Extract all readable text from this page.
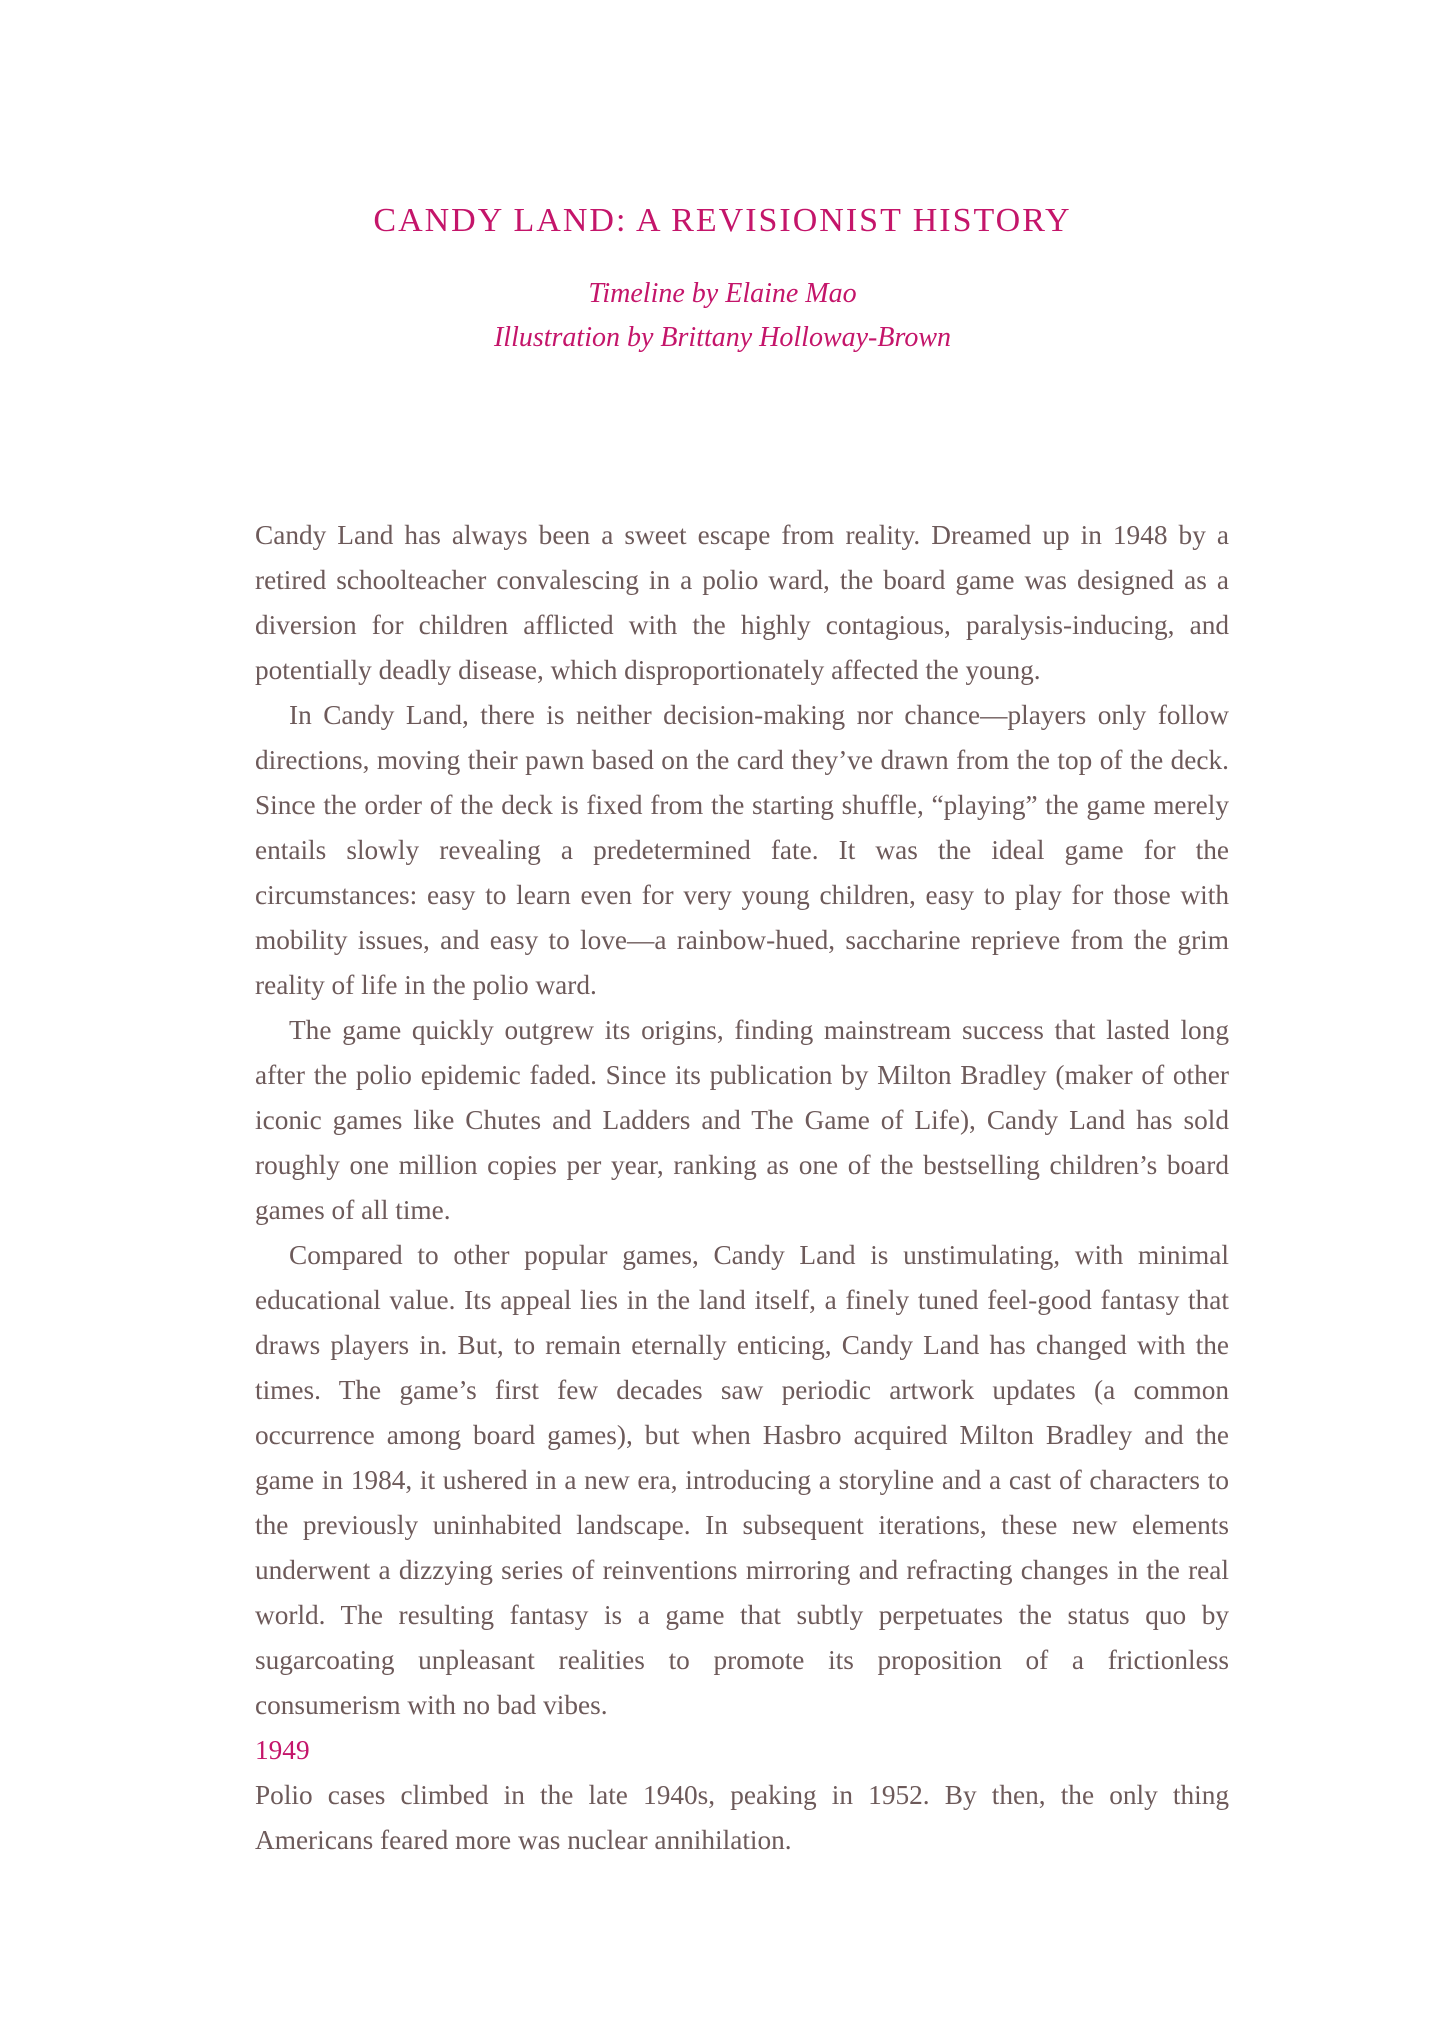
CANDY LAND: A REVISIONIST HISTORY
Timeline by Elaine Mao
Illustration by Brittany Holloway-Brown

Candy Land has always been a sweet escape from reality. Dreamed up in 1948 by a retired schoolteacher convalescing in a polio ward, the board game was designed as a diversion for children afflicted with the highly contagious, paralysis-inducing, and potentially deadly disease, which disproportionately affected the young.

In Candy Land, there is neither decision-making nor chance—players only follow directions, moving their pawn based on the card they’ve drawn from the top of the deck. Since the order of the deck is fixed from the starting shuffle, “playing” the game merely entails slowly revealing a predetermined fate. It was the ideal game for the circumstances: easy to learn even for very young children, easy to play for those with mobility issues, and easy to love—a rainbow-hued, saccharine reprieve from the grim reality of life in the polio ward.

The game quickly outgrew its origins, finding mainstream success that lasted long after the polio epidemic faded. Since its publication by Milton Bradley (maker of other iconic games like Chutes and Ladders and The Game of Life), Candy Land has sold roughly one million copies per year, ranking as one of the bestselling children’s board games of all time.

Compared to other popular games, Candy Land is unstimulating, with minimal educational value. Its appeal lies in the land itself, a finely tuned feel-good fantasy that draws players in. But, to remain eternally enticing, Candy Land has changed with the times. The game’s first few decades saw periodic artwork updates (a common occurrence among board games), but when Hasbro acquired Milton Bradley and the game in 1984, it ushered in a new era, introducing a storyline and a cast of characters to the previously uninhabited landscape. In subsequent iterations, these new elements underwent a dizzying series of reinventions mirroring and refracting changes in the real world. The resulting fantasy is a game that subtly perpetuates the status quo by sugarcoating unpleasant realities to promote its proposition of a frictionless consumerism with no bad vibes.

1949

Polio cases climbed in the late 1940s, peaking in 1952. By then, the only thing Americans feared more was nuclear annihilation.
